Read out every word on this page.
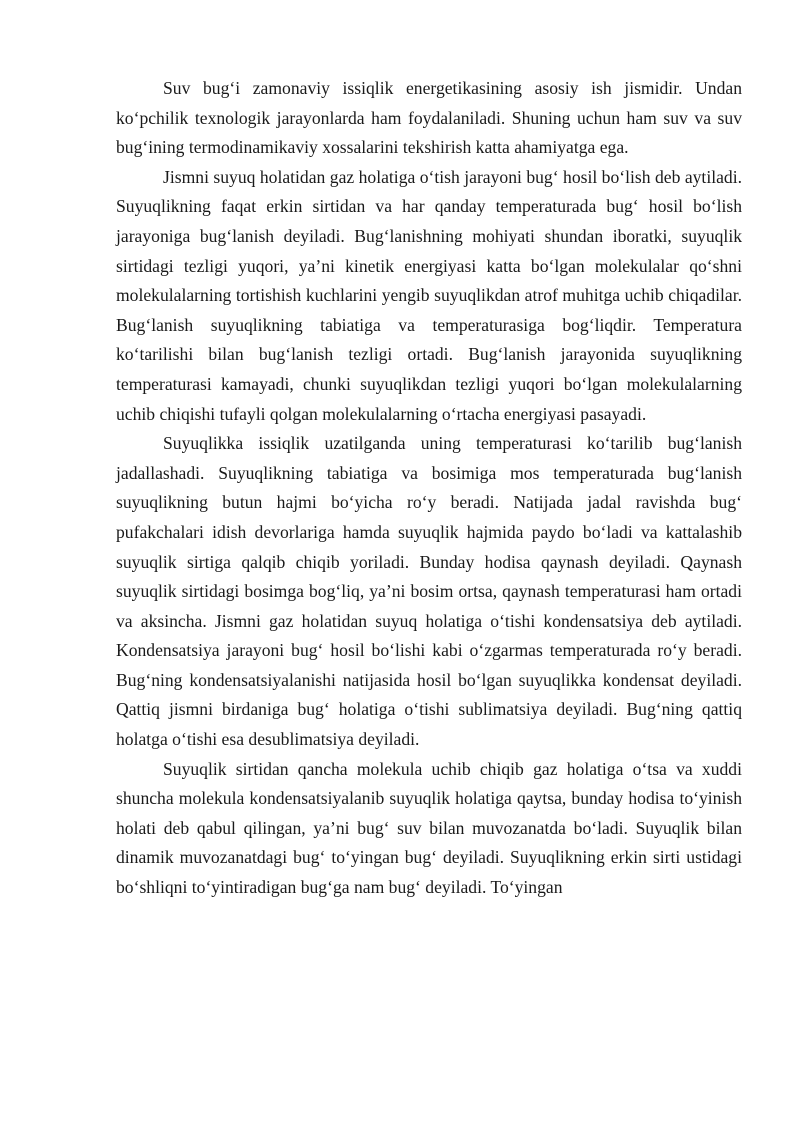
Suv bug‘i zamonaviy issiqlik energetikasining asosiy ish jismidir. Undan ko‘pchilik texnologik jarayonlarda ham foydalaniladi. Shuning uchun ham suv va suv bug‘ining termodinamikaviy xossalarini tekshirish katta ahamiyatga ega.

Jismni suyuq holatidan gaz holatiga o‘tish jarayoni bug‘ hosil bo‘lish deb aytiladi. Suyuqlikning faqat erkin sirtidan va har qanday temperaturada bug‘ hosil bo‘lish jarayoniga bug‘lanish deyiladi. Bug‘lanishning mohiyati shundan iboratki, suyuqlik sirtidagi tezligi yuqori, ya’ni kinetik energiyasi katta bo‘lgan molekulalar qo‘shni molekulalarning tortishish kuchlarini yengib suyuqlikdan atrof muhitga uchib chiqadilar. Bug‘lanish suyuqlikning tabiatiga va temperaturasiga bog‘liqdir. Temperatura ko‘tarilishi bilan bug‘lanish tezligi ortadi. Bug‘lanish jarayonida suyuqlikning temperaturasi kamayadi, chunki suyuqlikdan tezligi yuqori bo‘lgan molekulalarning uchib chiqishi tufayli qolgan molekulalarning o‘rtacha energiyasi pasayadi.

Suyuqlikka issiqlik uzatilganda uning temperaturasi ko‘tarilib bug‘lanish jadallashadi. Suyuqlikning tabiatiga va bosimiga mos temperaturada bug‘lanish suyuqlikning butun hajmi bo‘yicha ro‘y beradi. Natijada jadal ravishda bug‘ pufakchalari idish devorlariga hamda suyuqlik hajmida paydo bo‘ladi va kattalashib suyuqlik sirtiga qalqib chiqib yoriladi. Bunday hodisa qaynash deyiladi. Qaynash suyuqlik sirtidagi bosimga bog‘liq, ya’ni bosim ortsa, qaynash temperaturasi ham ortadi va aksincha. Jismni gaz holatidan suyuq holatiga o‘tishi kondensatsiya deb aytiladi. Kondensatsiya jarayoni bug‘ hosil bo‘lishi kabi o‘zgarmas temperaturada ro‘y beradi. Bug‘ning kondensatsiyalanishi natijasida hosil bo‘lgan suyuqlikka kondensat deyiladi. Qattiq jismni birdaniga bug‘ holatiga o‘tishi sublimatsiya deyiladi. Bug‘ning qattiq holatga o‘tishi esa desublimatsiya deyiladi.

Suyuqlik sirtidan qancha molekula uchib chiqib gaz holatiga o‘tsa va xuddi shuncha molekula kondensatsiyalanib suyuqlik holatiga qaytsa, bunday hodisa to‘yinish holati deb qabul qilingan, ya’ni bug‘ suv bilan muvozanatda bo‘ladi. Suyuqlik bilan dinamik muvozanatdagi bug‘ to‘yingan bug‘ deyiladi. Suyuqlikning erkin sirti ustidagi bo‘shliqni to‘yintiradigan bug‘ga nam bug‘ deyiladi. To‘yingan
